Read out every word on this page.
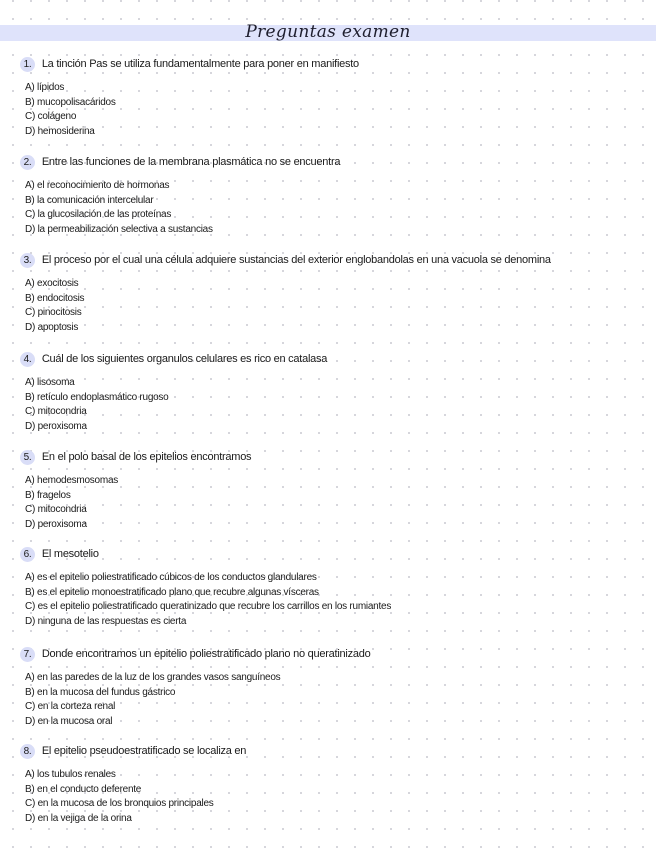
Preguntas examen
1. La tinción Pas se utiliza fundamentalmente para poner en manifiesto
A) lípidos
B) mucopolisacáridos
C) colágeno
D) hemosiderina
2. Entre las funciones de la membrana plasmática no se encuentra
A) el reconocimiento de hormonas
B) la comunicación intercelular
C) la glucosilación de las proteínas
D) la permeabilización selectiva a sustancias
3. El proceso por el cual una célula adquiere sustancias del exterior englobandolas en una vacuola se denomina
A) exocitosis
B) endocitosis
C) pinocitosis
D) apoptosis
4. Cuál de los siguientes organulos celulares es rico en catalasa
A) lisosoma
B) retículo endoplasmático rugoso
C) mitocondria
D) peroxisoma
5. En el polo basal de los epitelios encontramos
A) hemodesmosomas
B) fragelos
C) mitocondria
D) peroxisoma
6. El mesotelio
A) es el epitelio poliestratificado cúbicos de los conductos glandulares
B) es el epitelio monoestratificado plano que recubre algunas vísceras
C) es el epitelio poliestratificado queratinizado que recubre los carrillos en los rumiantes
D) ninguna de las respuestas es cierta
7. Donde encontramos un epitelio poliestratificado plano no queratinizado
A) en las paredes de la luz de los grandes vasos sanguíneos
B) en la mucosa del fundus gástrico
C) en la corteza renal
D) en la mucosa oral
8. El epitelio pseudoestratificado se localiza en
A) los tubulos renales
B) en el conducto deferente
C) en la mucosa de los bronquios principales
D) en la vejiga de la orina
